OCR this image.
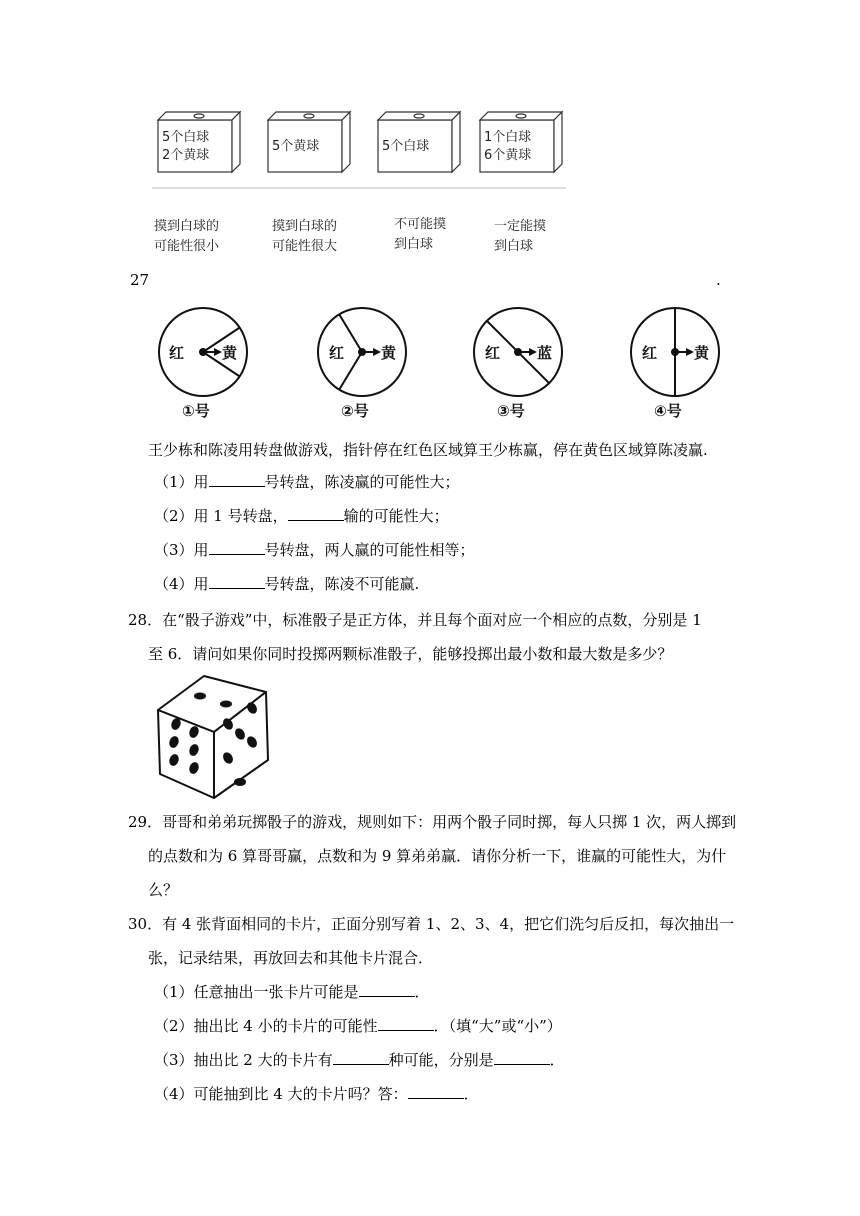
5个白球
2个黄球
5个黄球	5个白球
1个白球
6个黄球
摸到白球的
可能性很小
摸到白球的
可能性很大
不可能摸
到白球
一定能摸
到白球
27	.
红	黄	红 黄	红 蓝	红 黄
①号	②号	③号	④号
王少栋和陈凌用转盘做游戏，指针停在红色区域算王少栋赢，停在黄色区域算陈凌赢.
（1）用	号转盘，陈凌赢的可能性大；
（2）用 1 号转盘，	输的可能性大；
（3）用	号转盘，两人赢的可能性相等；
（4）用	号转盘，陈凌不可能赢.
28．在“骰子游戏”中，标准骰子是正方体，并且每个面对应一个相应的点数，分别是 1
至 6．请问如果你同时投掷两颗标准骰子，能够投掷出最小数和最大数是多少？
29．哥哥和弟弟玩掷骰子的游戏，规则如下：用两个骰子同时掷，每人只掷 1 次，两人掷到
的点数和为 6 算哥哥赢，点数和为 9 算弟弟赢．请你分析一下，谁赢的可能性大，为什
么？
30．有 4 张背面相同的卡片，正面分别写着 1、2、3、4，把它们洗匀后反扣，每次抽出一
张，记录结果，再放回去和其他卡片混合．
（1）任意抽出一张卡片可能是	．
（2）抽出比 4 小的卡片的可能性	．（填“大”或“小”）
（3）抽出比 2 大的卡片有	种可能，分别是	．
（4）可能抽到比 4 大的卡片吗？答：	．
